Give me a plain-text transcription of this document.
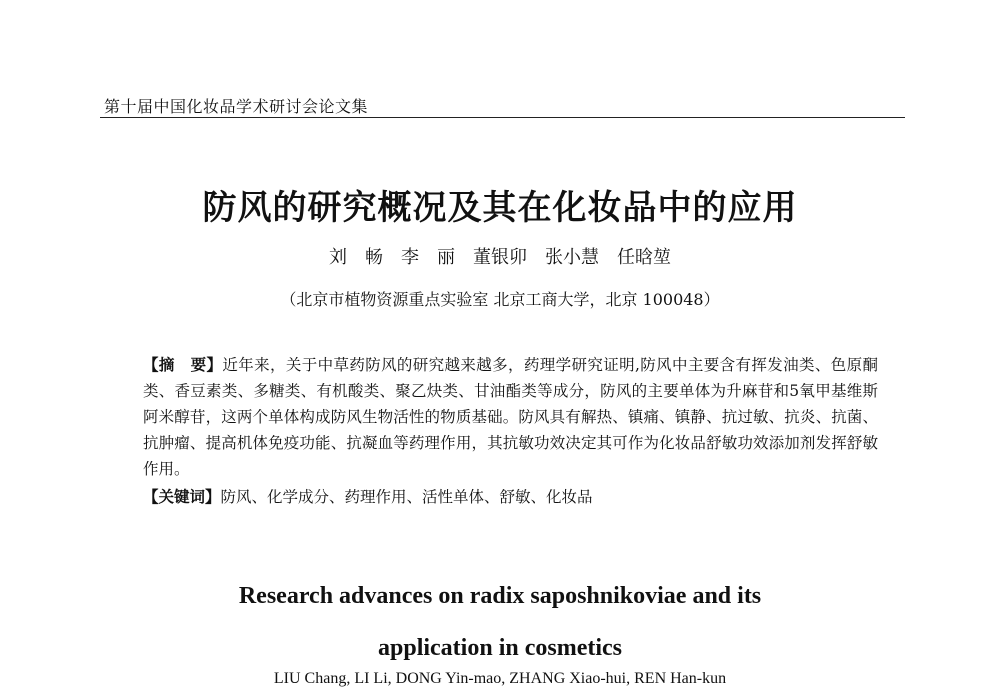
第十届中国化妆品学术研讨会论文集
防风的研究概况及其在化妆品中的应用
刘　畅　李　丽　董银卯　张小慧　任晗堃
（北京市植物资源重点实验室 北京工商大学，北京 100048）

【摘　要】近年来，关于中草药防风的研究越来越多，药理学研究证明,防风中主要含有挥发油类、色原酮类、香豆素类、多糖类、有机酸类、聚乙炔类、甘油酯类等成分，防风的主要单体为升麻苷和5氧甲基维斯阿米醇苷，这两个单体构成防风生物活性的物质基础。防风具有解热、镇痛、镇静、抗过敏、抗炎、抗菌、抗肿瘤、提高机体免疫功能、抗凝血等药理作用，其抗敏功效决定其可作为化妆品舒敏功效添加剂发挥舒敏作用。

【关键词】防风、化学成分、药理作用、活性单体、舒敏、化妆品

Research advances on radix saposhnikoviae and its
application in cosmetics
LIU Chang, LI Li, DONG Yin-mao, ZHANG Xiao-hui, REN Han-kun
